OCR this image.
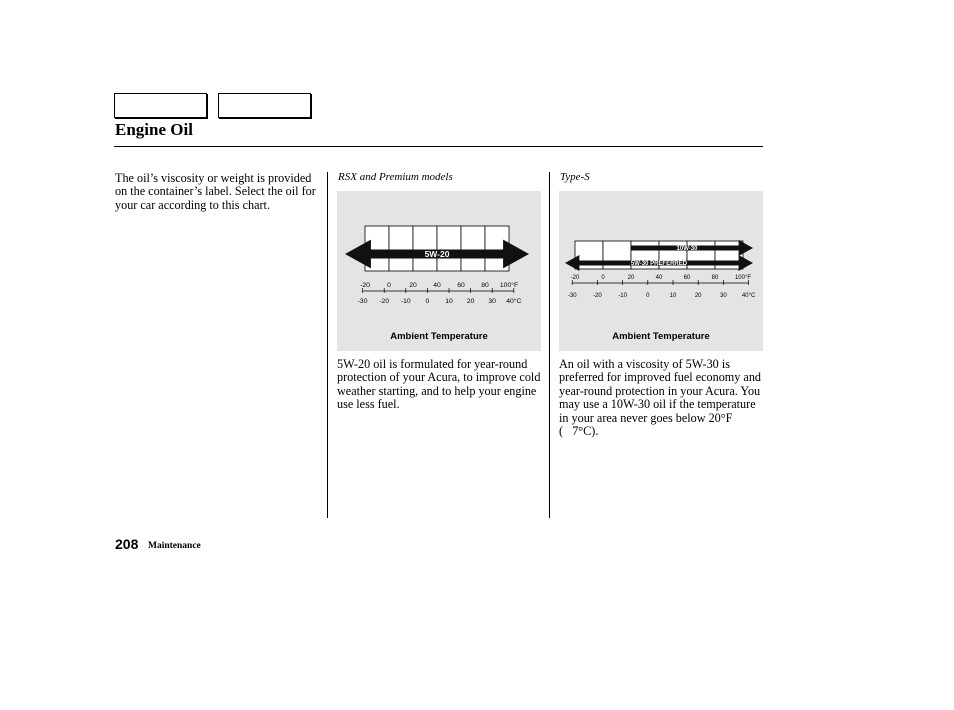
Engine Oil

The oil’s viscosity or weight is provided on the container’s label. Select the oil for your car according to this chart.

RSX and Premium models	Type-S
5W-20
-20	0	20 40 60 80 100°F
-30 -20 -10 0 10 20 30 40°C
Ambient Temperature
10W-30
5W-30 PREFERRED
-20	0	20	40	60	80	100°F
-30	-20	-10	0	10	20	30	40°C
Ambient Temperature

5W-20 oil is formulated for year-round protection of your Acura, to improve cold weather starting, and to help your engine use less fuel.

An oil with a viscosity of 5W-30 is preferred for improved fuel economy and year-round protection in your Acura. You may use a 10W-30 oil if the temperature in your area never goes below 20°F (   7°C).

208 Maintenance
